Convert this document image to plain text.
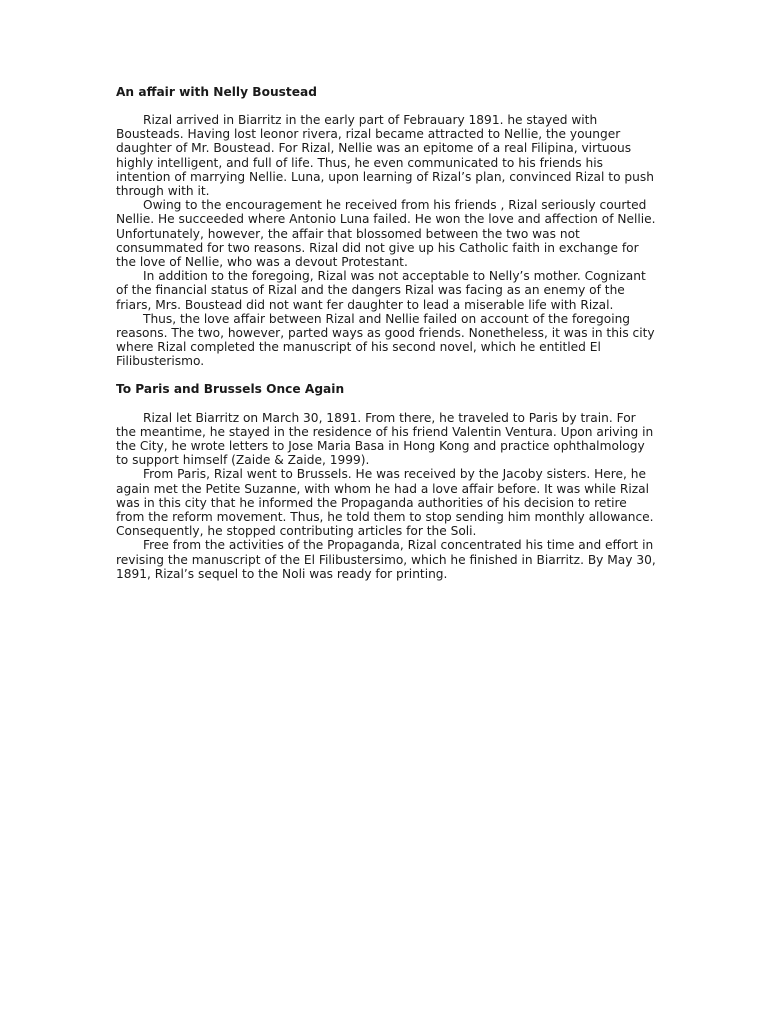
An affair with Nelly Boustead

Rizal arrived in Biarritz in the early part of Febrauary 1891. he stayed with Bousteads. Having lost leonor rivera, rizal became attracted to Nellie, the younger daughter of Mr. Boustead. For Rizal, Nellie was an epitome of a real Filipina, virtuous highly intelligent, and full of life. Thus, he even communicated to his friends his intention of marrying Nellie. Luna, upon learning of Rizal’s plan, convinced Rizal to push through with it.

Owing to the encouragement he received from his friends , Rizal seriously courted Nellie. He succeeded where Antonio Luna failed. He won the love and affection of Nellie. Unfortunately, however, the affair that blossomed between the two was not consummated for two reasons. Rizal did not give up his Catholic faith in exchange for the love of Nellie, who was a devout Protestant.

In addition to the foregoing, Rizal was not acceptable to Nelly’s mother. Cognizant of the financial status of Rizal and the dangers Rizal was facing as an enemy of the friars, Mrs. Boustead did not want fer daughter to lead a miserable life with Rizal.

Thus, the love affair between Rizal and Nellie failed on account of the foregoing reasons. The two, however, parted ways as good friends. Nonetheless, it was in this city where Rizal completed the manuscript of his second novel, which he entitled El Filibusterismo.

To Paris and Brussels Once Again

Rizal let Biarritz on March 30, 1891. From there, he traveled to Paris by train. For the meantime, he stayed in the residence of his friend Valentin Ventura. Upon ariving in the City, he wrote letters to Jose Maria Basa in Hong Kong and practice ophthalmology to support himself (Zaide & Zaide, 1999).

From Paris, Rizal went to Brussels. He was received by the Jacoby sisters. Here, he again met the Petite Suzanne, with whom he had a love affair before. It was while Rizal was in this city that he informed the Propaganda authorities of his decision to retire from the reform movement. Thus, he told them to stop sending him monthly allowance. Consequently, he stopped contributing articles for the Soli.

Free from the activities of the Propaganda, Rizal concentrated his time and effort in revising the manuscript of the El Filibustersimo, which he finished in Biarritz. By May 30, 1891, Rizal’s sequel to the Noli was ready for printing.
